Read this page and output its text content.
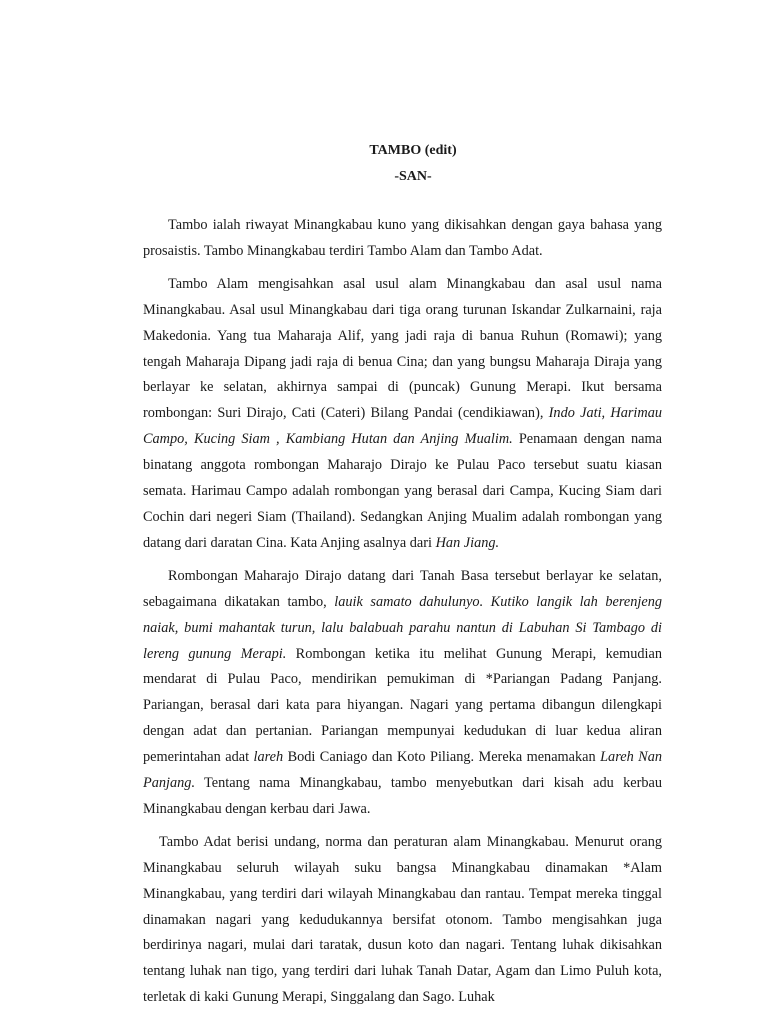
TAMBO (edit)

-SAN-

Tambo ialah riwayat Minangkabau kuno yang dikisahkan dengan gaya bahasa yang prosaistis. Tambo Minangkabau terdiri Tambo Alam dan Tambo Adat.

Tambo Alam mengisahkan asal usul alam Minangkabau dan asal usul nama Minangkabau. Asal usul Minangkabau dari tiga orang turunan Iskandar Zulkarnaini, raja Makedonia. Yang tua Maharaja Alif, yang jadi raja di banua Ruhun (Romawi); yang tengah Maharaja Dipang jadi raja di benua Cina; dan yang bungsu Maharaja Diraja yang berlayar ke selatan, akhirnya sampai di (puncak) Gunung Merapi. Ikut bersama rombongan: Suri Dirajo, Cati (Cateri) Bilang Pandai (cendikiawan), Indo Jati, Harimau Campo, Kucing Siam , Kambiang Hutan dan Anjing Mualim. Penamaan dengan nama binatang anggota rombongan Maharajo Dirajo ke Pulau Paco tersebut suatu kiasan semata. Harimau Campo adalah rombongan yang berasal dari Campa, Kucing Siam dari Cochin dari negeri Siam (Thailand). Sedangkan Anjing Mualim adalah rombongan yang datang dari daratan Cina. Kata Anjing asalnya dari Han Jiang.

Rombongan Maharajo Dirajo datang dari Tanah Basa tersebut berlayar ke selatan, sebagaimana dikatakan tambo, lauik samato dahulunyo. Kutiko langik lah berenjeng naiak, bumi mahantak turun, lalu balabuah parahu nantun di Labuhan Si Tambago di lereng gunung Merapi. Rombongan ketika itu melihat Gunung Merapi, kemudian mendarat di Pulau Paco, mendirikan pemukiman di *Pariangan Padang Panjang. Pariangan, berasal dari kata para hiyangan. Nagari yang pertama dibangun dilengkapi dengan adat dan pertanian. Pariangan mempunyai kedudukan di luar kedua aliran pemerintahan adat lareh Bodi Caniago dan Koto Piliang. Mereka menamakan Lareh Nan Panjang. Tentang nama Minangkabau, tambo menyebutkan dari kisah adu kerbau Minangkabau dengan kerbau dari Jawa.

Tambo Adat berisi undang, norma dan peraturan alam Minangkabau. Menurut orang Minangkabau seluruh wilayah suku bangsa Minangkabau dinamakan *Alam Minangkabau, yang terdiri dari wilayah Minangkabau dan rantau. Tempat mereka tinggal dinamakan nagari yang kedudukannya bersifat otonom. Tambo mengisahkan juga berdirinya nagari, mulai dari taratak, dusun koto dan nagari. Tentang luhak dikisahkan tentang luhak nan tigo, yang terdiri dari luhak Tanah Datar, Agam dan Limo Puluh kota, terletak di kaki Gunung Merapi, Singgalang dan Sago. Luhak
